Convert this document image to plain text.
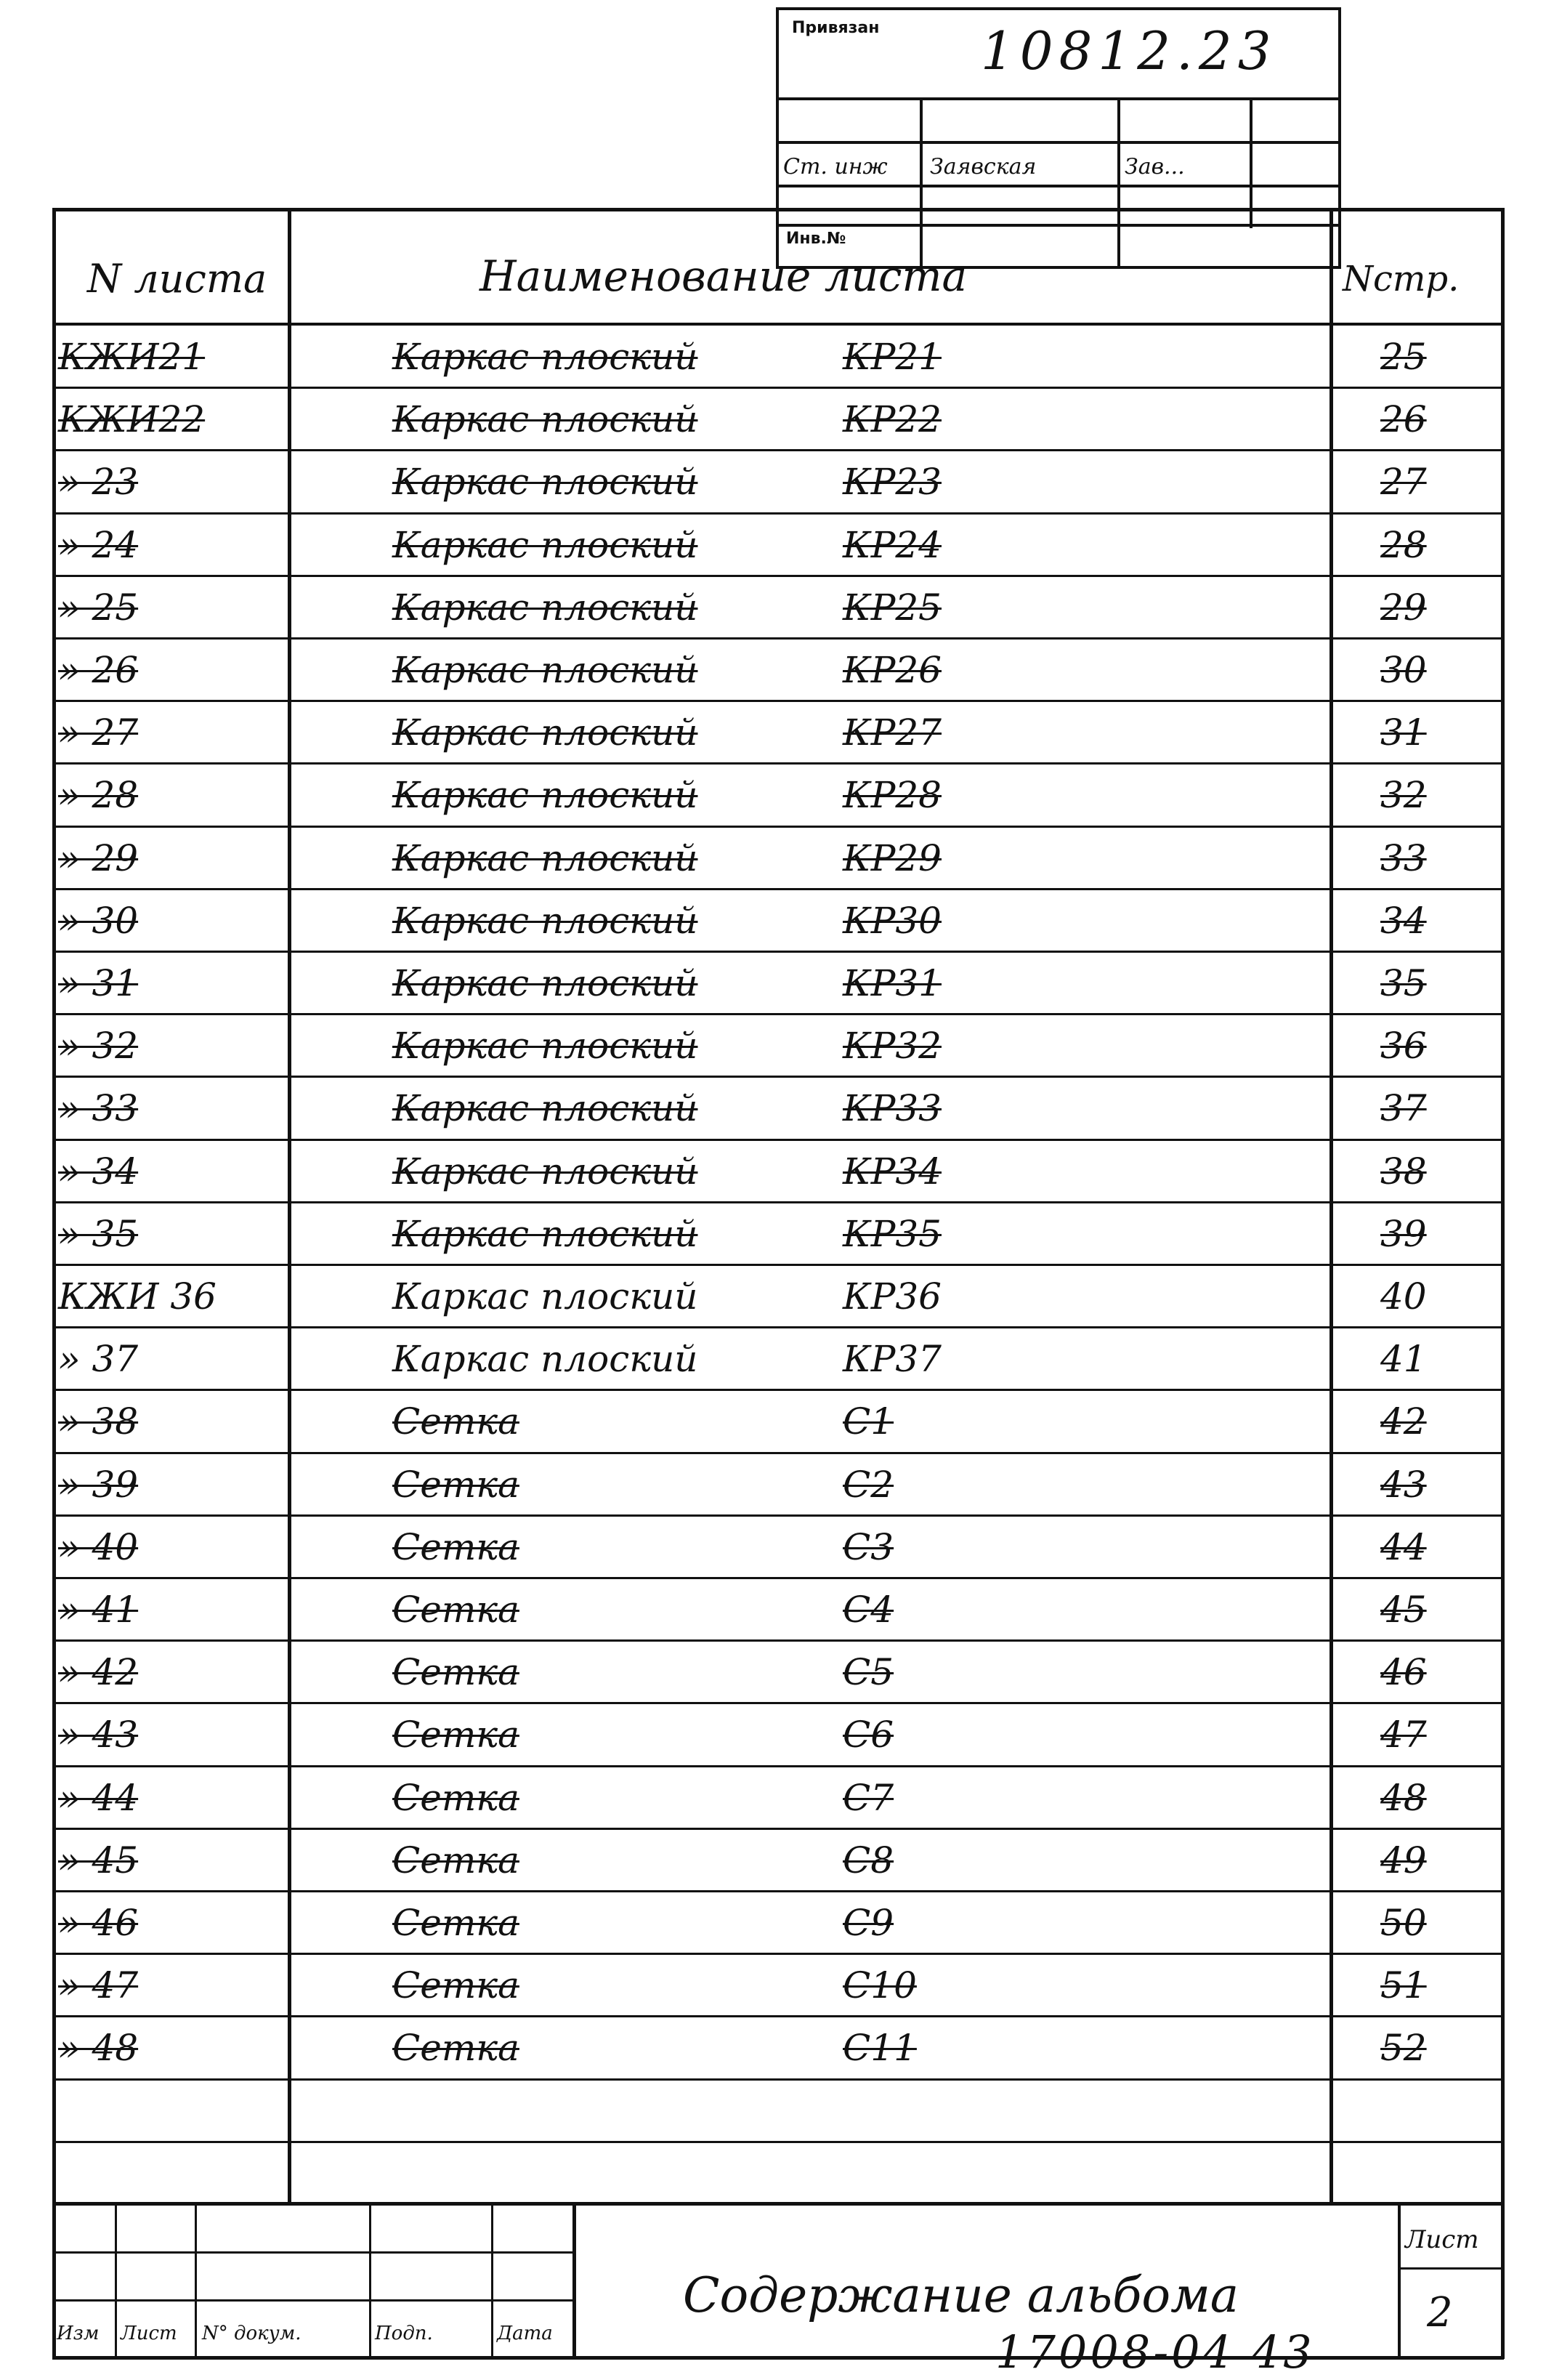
Привязан 10812.23
Ст. инж Заявская	Зав...
Инв.№
N листа	Наименование листа	Nстр.
КЖИ21	Каркас плоский	КР21	25
КЖИ22	Каркас плоский	КР22	26
» 23	Каркас плоский	КР23	27
» 24	Каркас плоский	КР24	28
» 25	Каркас плоский	КР25	29
» 26	Каркас плоский	КР26	30
» 27	Каркас плоский	КР27	31
» 28	Каркас плоский	КР28	32
» 29	Каркас плоский	КР29	33
» 30	Каркас плоский	КР30	34
» 31	Каркас плоский	КР31	35
» 32	Каркас плоский	КР32	36
» 33	Каркас плоский	КР33	37
» 34	Каркас плоский	КР34	38
» 35	Каркас плоский	КР35	39
КЖИ 36	Каркас плоский	КР36	40
» 37	Каркас плоский	КР37	41
» 38	Сетка	С1	42
» 39	Сетка	С2	43
» 40	Сетка	С3	44
» 41	Сетка	С4	45
» 42	Сетка	С5	46
» 43	Сетка	С6	47
» 44	Сетка	С7	48
» 45	Сетка	С8	49
» 46	Сетка	С9	50
» 47	Сетка	С10	51
» 48	Сетка	С11	52
Изм Лист N° докум.	Подп.	Дата
Содержание альбома
Лист
2
17008-04 43
